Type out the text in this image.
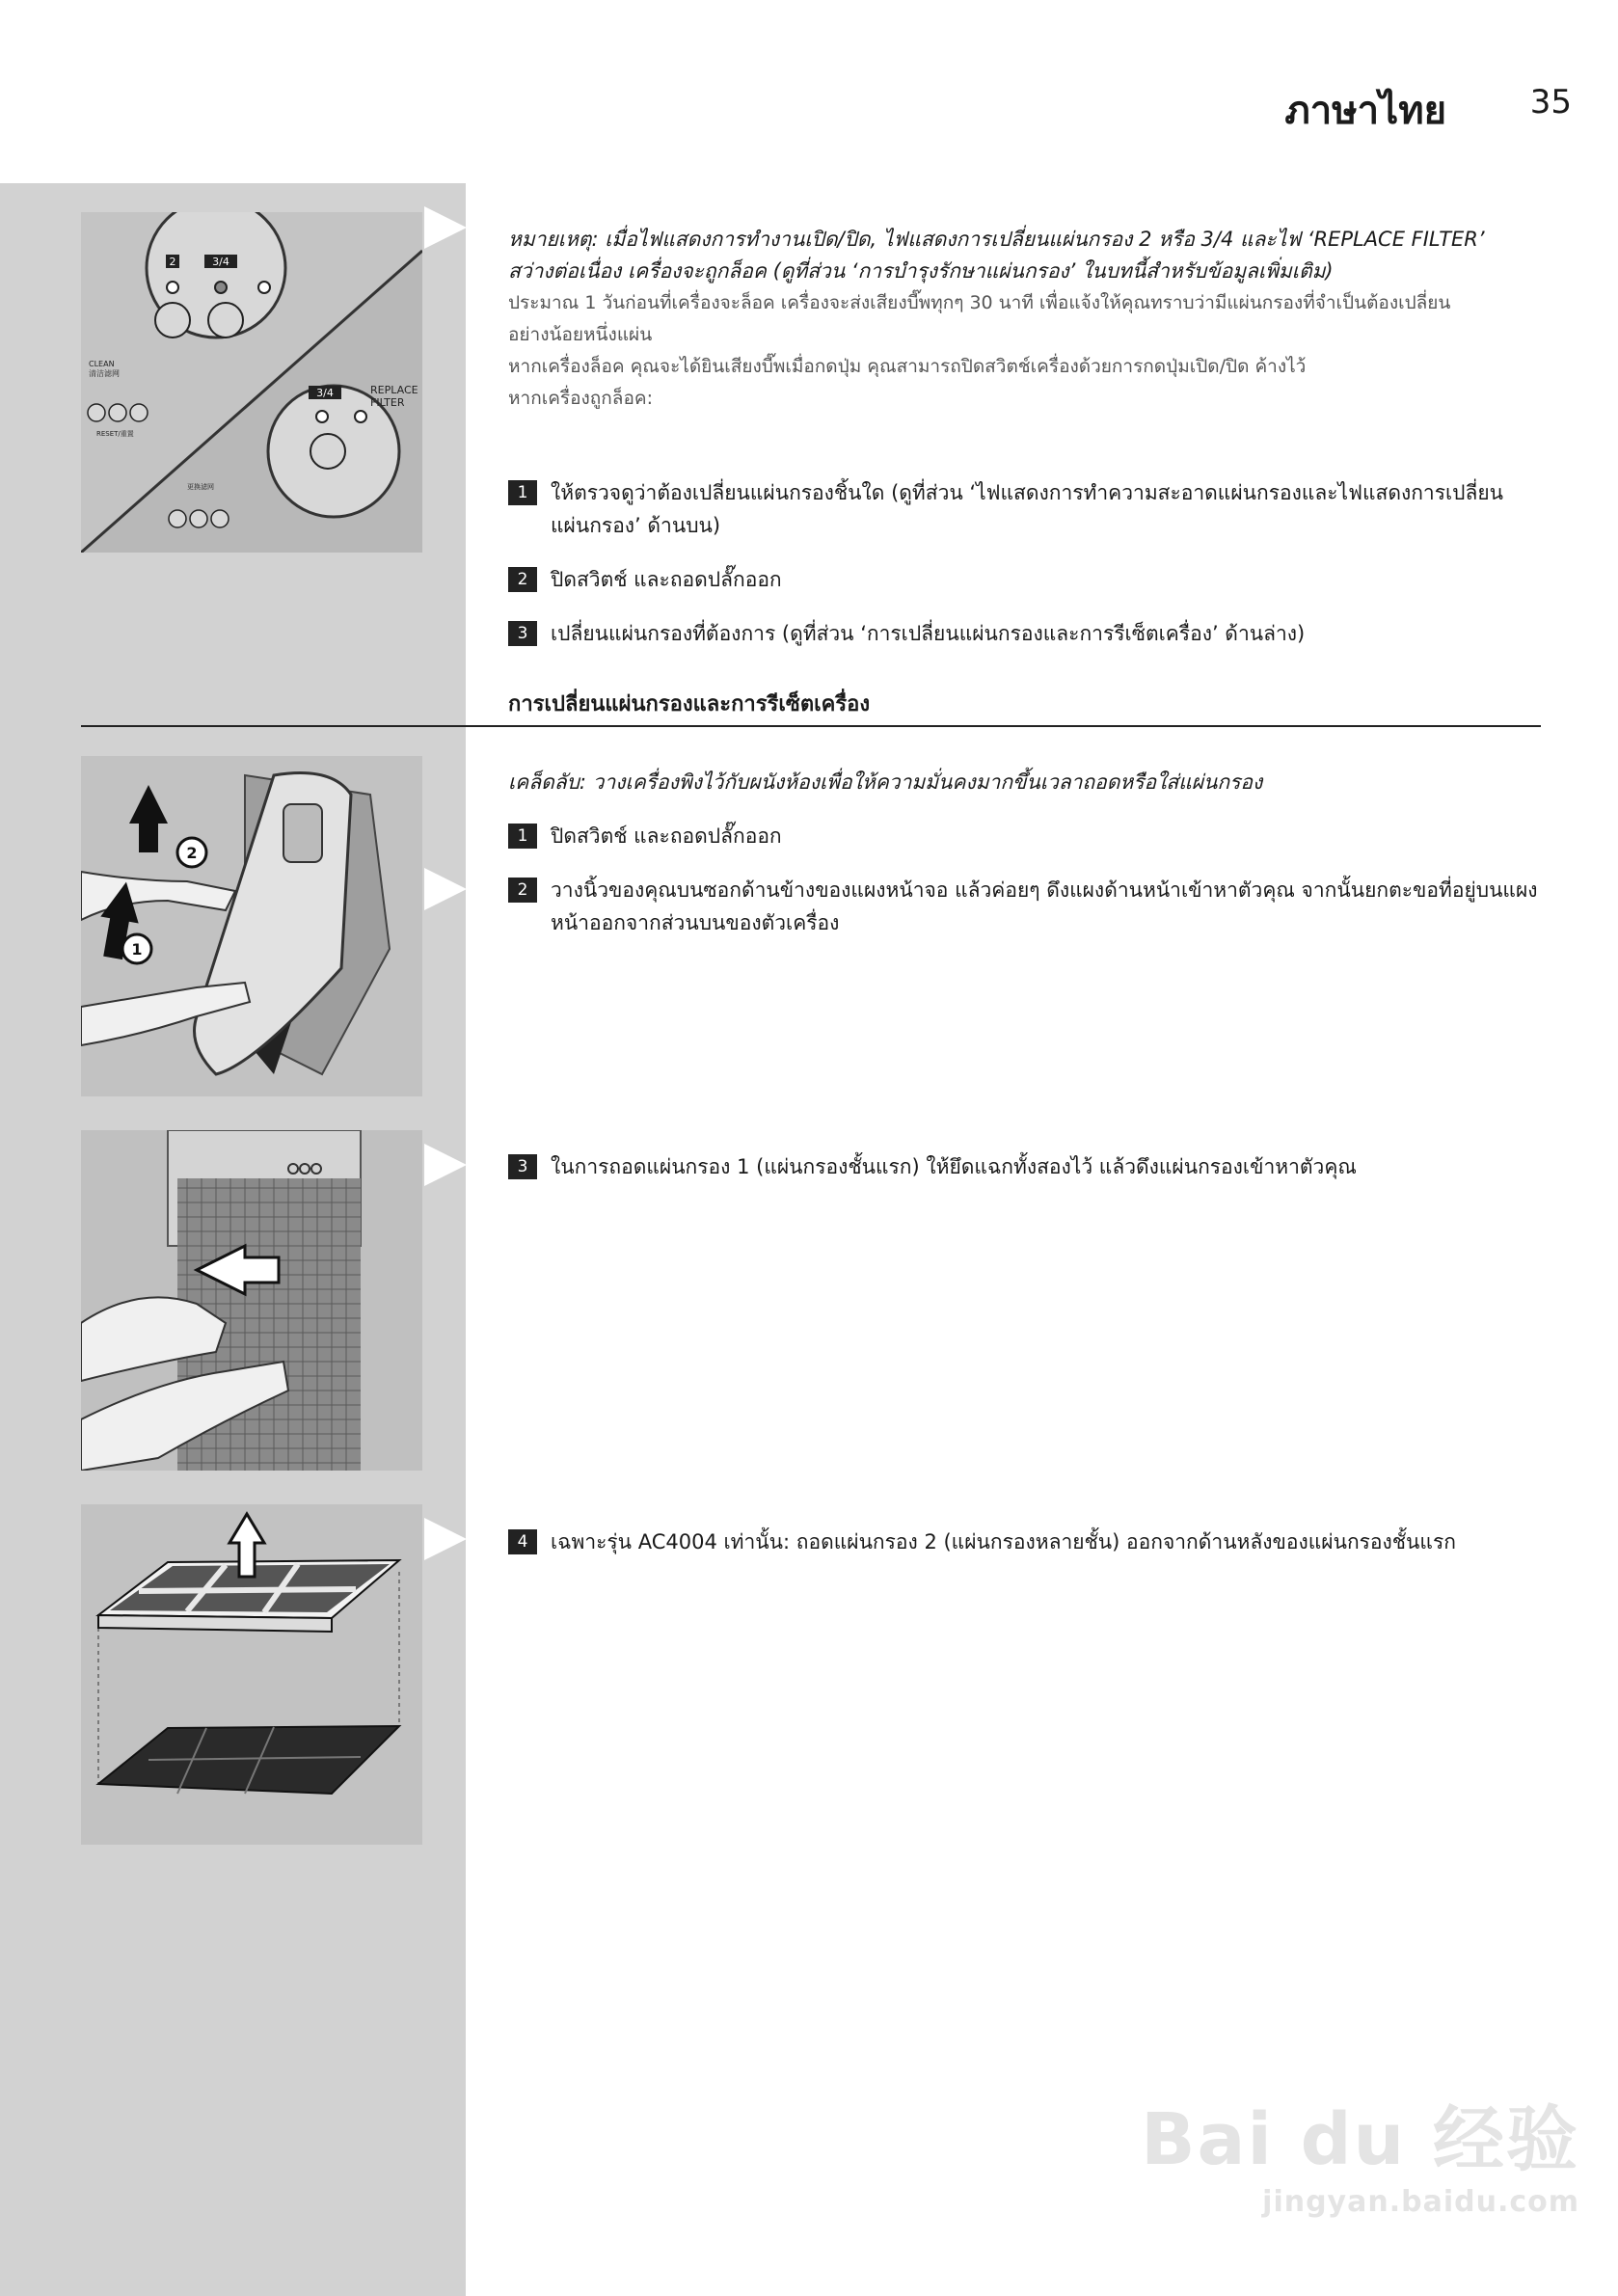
ภาษาไทย	35
2	3/4
3/4	REPLACE
FILTER
CLEAN
清洁滤网
RESET/重置
更换滤网
หมายเหตุ: เมื่อไฟแสดงการทำงานเปิด/ปิด, ไฟแสดงการเปลี่ยนแผ่นกรอง 2 หรือ 3/4 และไฟ ‘REPLACE FILTER’
สว่างต่อเนื่อง เครื่องจะถูกล็อค (ดูที่ส่วน ‘การบำรุงรักษาแผ่นกรอง’ ในบทนี้สำหรับข้อมูลเพิ่มเติม)
ประมาณ 1 วันก่อนที่เครื่องจะล็อค เครื่องจะส่งเสียงบี๊พทุกๆ 30 นาที เพื่อแจ้งให้คุณทราบว่ามีแผ่นกรองที่จำเป็นต้องเปลี่ยน
อย่างน้อยหนึ่งแผ่น
หากเครื่องล็อค คุณจะได้ยินเสียงบี๊พเมื่อกดปุ่ม คุณสามารถปิดสวิตช์เครื่องด้วยการกดปุ่มเปิด/ปิด ค้างไว้
หากเครื่องถูกล็อค:
1	ให้ตรวจดูว่าต้องเปลี่ยนแผ่นกรองชิ้นใด (ดูที่ส่วน ‘ไฟแสดงการทำความสะอาดแผ่นกรองและไฟแสดงการเปลี่ยนแผ่นกรอง’ ด้านบน)
2	ปิดสวิตช์ และถอดปลั๊กออก
3	เปลี่ยนแผ่นกรองที่ต้องการ (ดูที่ส่วน ‘การเปลี่ยนแผ่นกรองและการรีเซ็ตเครื่อง’ ด้านล่าง)
การเปลี่ยนแผ่นกรองและการรีเซ็ตเครื่อง
2
1
เคล็ดลับ: วางเครื่องพิงไว้กับผนังห้องเพื่อให้ความมั่นคงมากขึ้นเวลาถอดหรือใส่แผ่นกรอง
1	ปิดสวิตช์ และถอดปลั๊กออก
2	วางนิ้วของคุณบนซอกด้านข้างของแผงหน้าจอ แล้วค่อยๆ ดึงแผงด้านหน้าเข้าหาตัวคุณ จากนั้นยกตะขอที่อยู่บนแผงหน้าออกจากส่วนบนของตัวเครื่อง
3	ในการถอดแผ่นกรอง 1 (แผ่นกรองชั้นแรก) ให้ยึดแฉกทั้งสองไว้ แล้วดึงแผ่นกรองเข้าหาตัวคุณ
4	เฉพาะรุ่น AC4004 เท่านั้น: ถอดแผ่นกรอง 2 (แผ่นกรองหลายชั้น) ออกจากด้านหลังของแผ่นกรองชั้นแรก
Bai du 经验
jingyan.baidu.com
